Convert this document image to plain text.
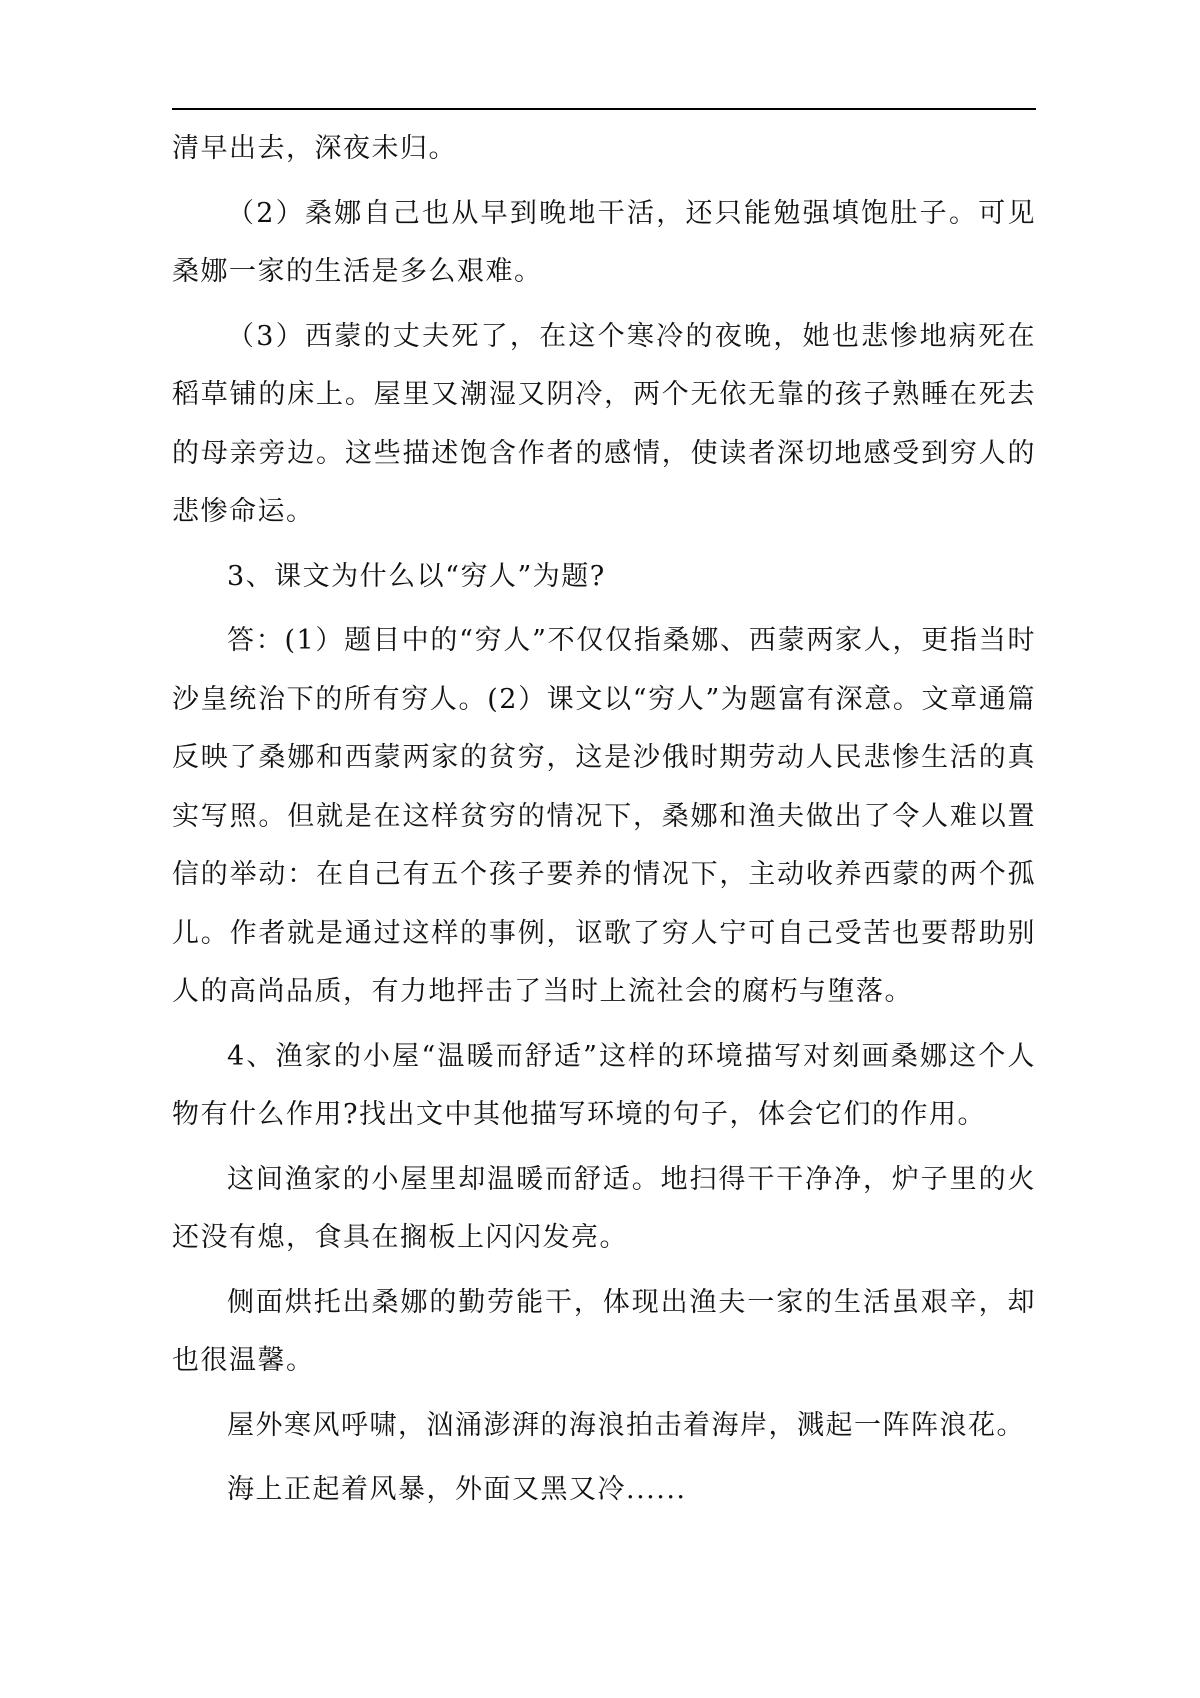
清早出去，深夜未归。

（2）桑娜自己也从早到晚地干活，还只能勉强填饱肚子。可见桑娜一家的生活是多么艰难。

（3）西蒙的丈夫死了，在这个寒冷的夜晚，她也悲惨地病死在稻草铺的床上。屋里又潮湿又阴冷，两个无依无靠的孩子熟睡在死去的母亲旁边。这些描述饱含作者的感情，使读者深切地感受到穷人的悲惨命运。

3、课文为什么以“穷人”为题?

答：(1）题目中的“穷人”不仅仅指桑娜、西蒙两家人，更指当时沙皇统治下的所有穷人。(2）课文以“穷人”为题富有深意。文章通篇反映了桑娜和西蒙两家的贫穷，这是沙俄时期劳动人民悲惨生活的真实写照。但就是在这样贫穷的情况下，桑娜和渔夫做出了令人难以置信的举动：在自己有五个孩子要养的情况下，主动收养西蒙的两个孤儿。作者就是通过这样的事例，讴歌了穷人宁可自己受苦也要帮助别人的高尚品质，有力地抨击了当时上流社会的腐朽与堕落。

4、渔家的小屋“温暖而舒适”这样的环境描写对刻画桑娜这个人物有什么作用?找出文中其他描写环境的句子，体会它们的作用。

这间渔家的小屋里却温暖而舒适。地扫得干干净净，炉子里的火还没有熄，食具在搁板上闪闪发亮。

侧面烘托出桑娜的勤劳能干，体现出渔夫一家的生活虽艰辛，却也很温馨。

屋外寒风呼啸，汹涌澎湃的海浪拍击着海岸，溅起一阵阵浪花。

海上正起着风暴，外面又黑又冷......
